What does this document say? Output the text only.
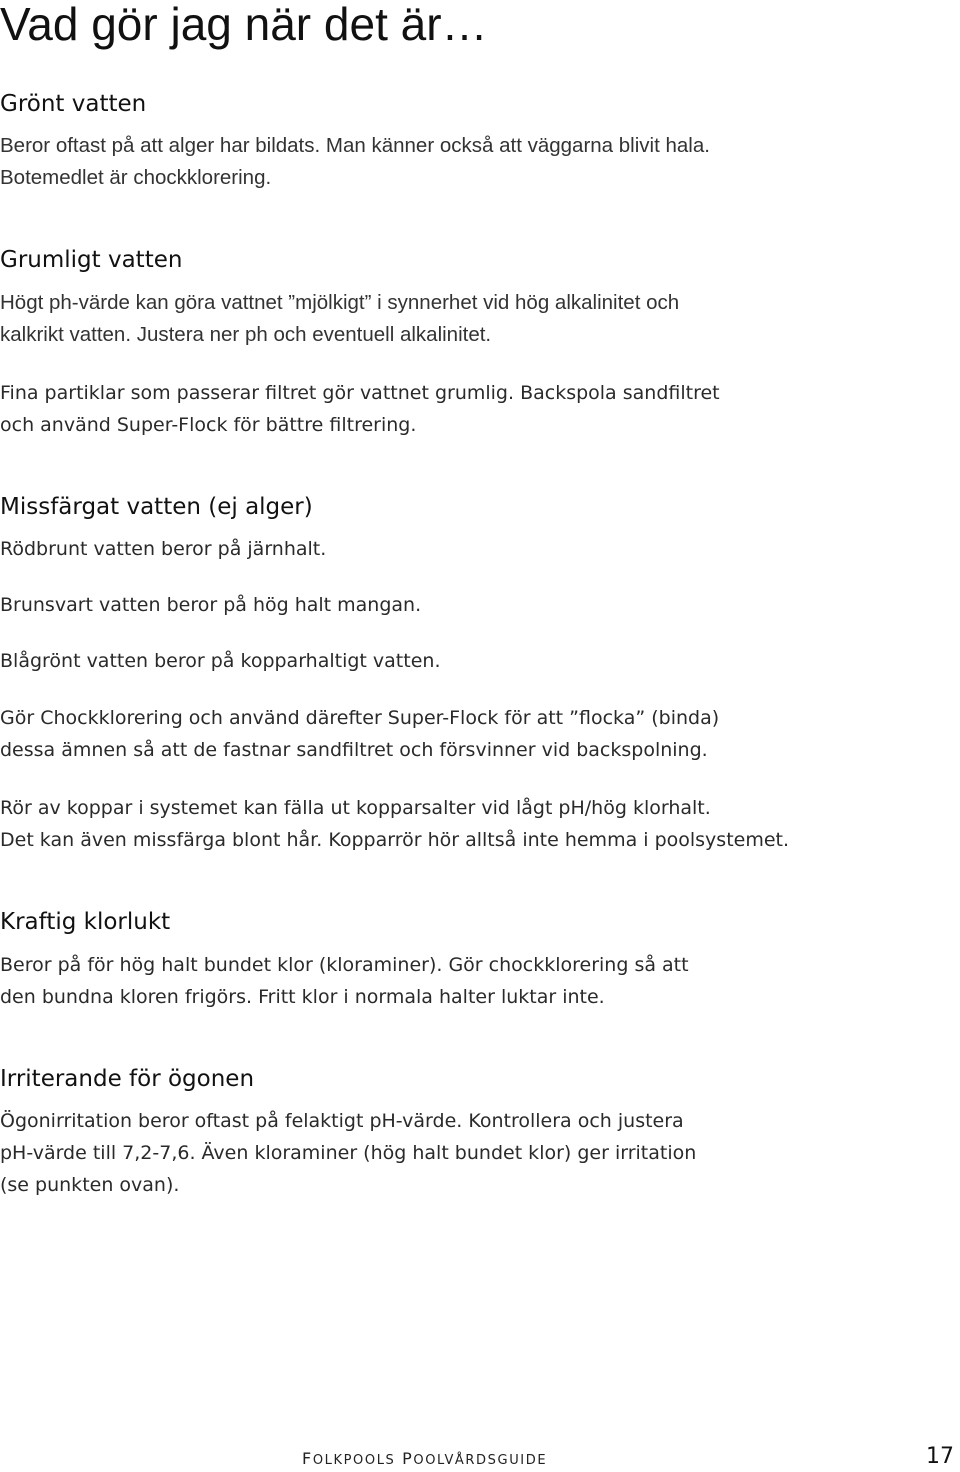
Vad gör jag när det är…
Grönt vatten

Beror oftast på att alger har bildats. Man känner också att väggarna blivit hala.
Botemedlet är chockklorering.

Grumligt vatten

Högt ph-värde kan göra vattnet ”mjölkigt” i synnerhet vid hög alkalinitet och
kalkrikt vatten. Justera ner ph och eventuell alkalinitet.

Fina partiklar som passerar filtret gör vattnet grumlig. Backspola sandfiltret
och använd Super-Flock för bättre filtrering.

Missfärgat vatten (ej alger)

Rödbrunt vatten beror på järnhalt.

Brunsvart vatten beror på hög halt mangan.

Blågrönt vatten beror på kopparhaltigt vatten.

Gör Chockklorering och använd därefter Super-Flock för att ”flocka” (binda)
dessa ämnen så att de fastnar sandfiltret och försvinner vid backspolning.

Rör av koppar i systemet kan fälla ut kopparsalter vid lågt pH/hög klorhalt.
Det kan även missfärga blont hår. Kopparrör hör alltså inte hemma i poolsystemet.

Kraftig klorlukt

Beror på för hög halt bundet klor (kloraminer). Gör chockklorering så att
den bundna kloren frigörs. Fritt klor i normala halter luktar inte.

Irriterande för ögonen

Ögonirritation beror oftast på felaktigt pH-värde. Kontrollera och justera
pH-värde till 7,2-7,6. Även kloraminer (hög halt bundet klor) ger irritation
(se punkten ovan).

FOLKPOOLS POOLVÅRDSGUIDE	17
